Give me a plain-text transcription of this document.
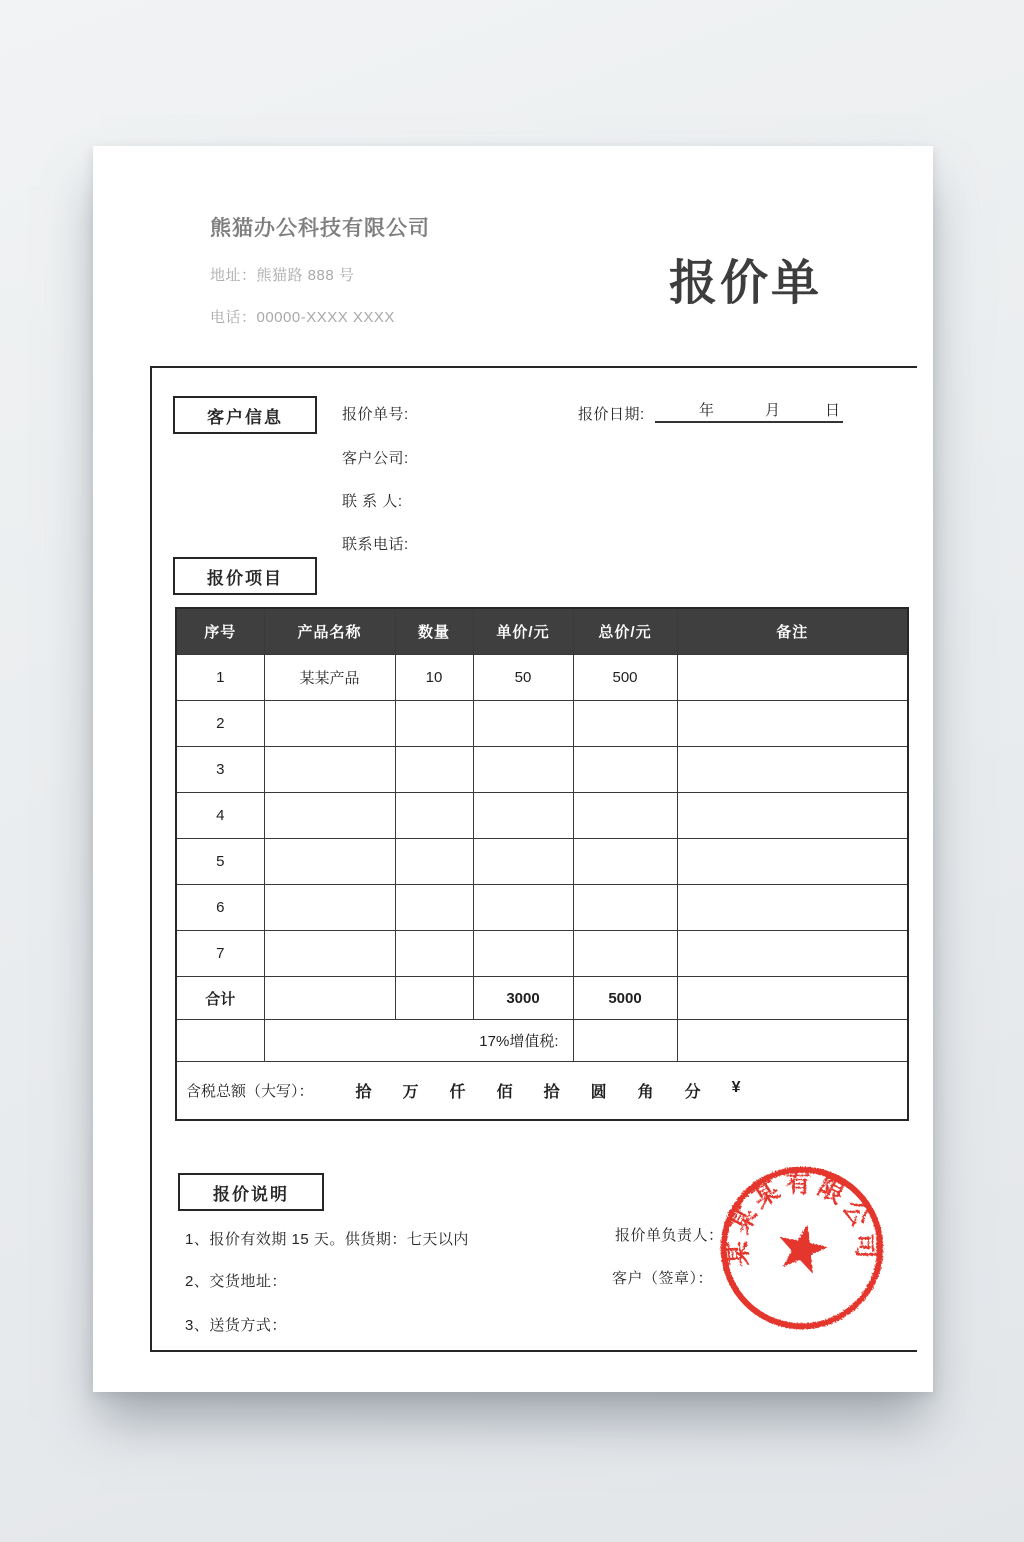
熊猫办公科技有限公司
地址：熊猫路 888 号
电话：00000-XXXX XXXX
报价单
客户信息	报价单号:	报价日期:	年	月	日
客户公司:
联 系 人:
联系电话:
报价项目
序号	产品名称	数量	单价/元	总价/元	备注
1	某某产品	10	50	500	
2					
3					
4					
5					
6					
7					
合计			3000	5000	
	17%增值税:				

含税总额（大写）：	拾 万 仟 佰 拾 圆 角 分 ¥
报价说明
1、报价有效期 15 天。供货期：七天以内
2、交货地址：
3、送货方式：
报价单负责人：
客户（签章）：
某某某有限公司
